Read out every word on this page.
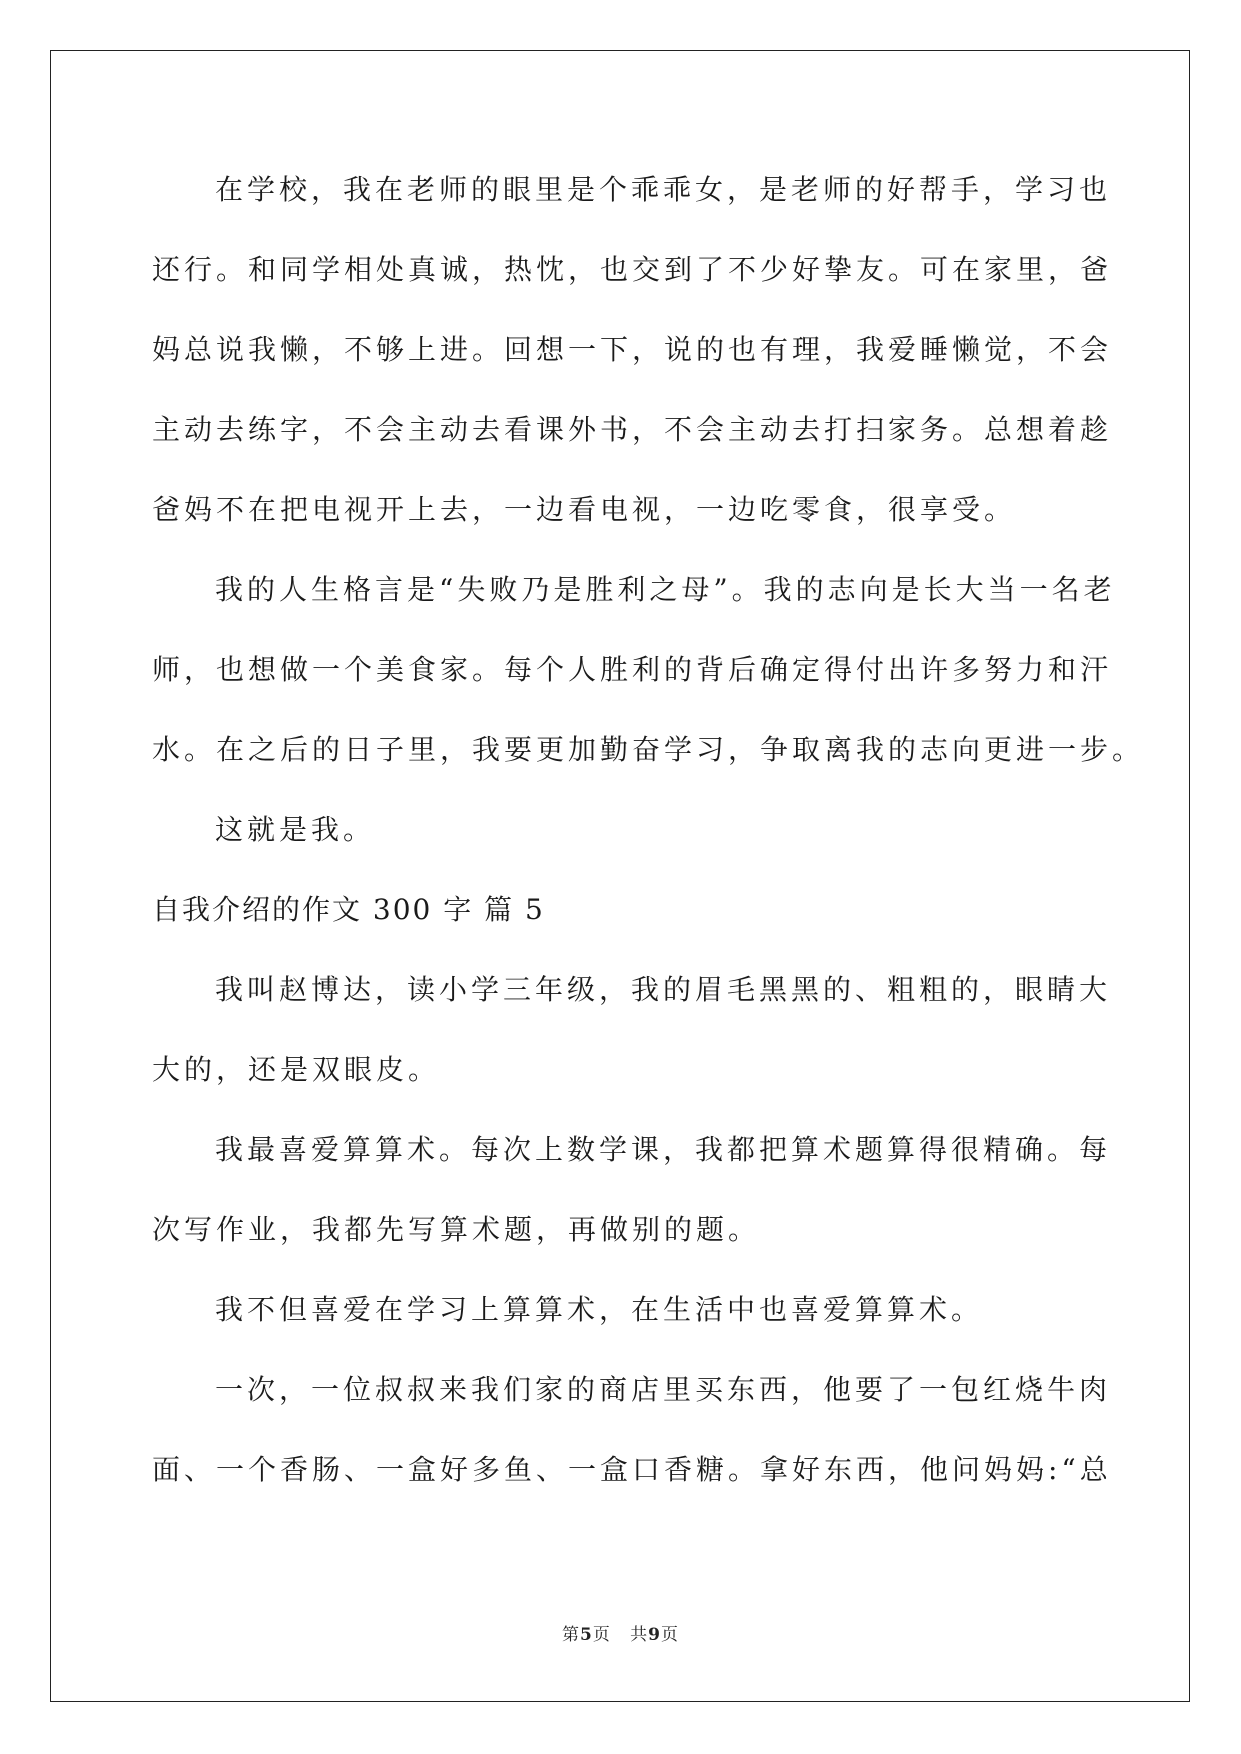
在学校，我在老师的眼里是个乖乖女，是老师的好帮手，学习也
还行。和同学相处真诚，热忱，也交到了不少好挚友。可在家里，爸
妈总说我懒，不够上进。回想一下，说的也有理，我爱睡懒觉，不会
主动去练字，不会主动去看课外书，不会主动去打扫家务。总想着趁
爸妈不在把电视开上去，一边看电视，一边吃零食，很享受。
我的人生格言是“失败乃是胜利之母”。我的志向是长大当一名老
师，也想做一个美食家。每个人胜利的背后确定得付出许多努力和汗
水。在之后的日子里，我要更加勤奋学习，争取离我的志向更进一步。
这就是我。
自我介绍的作文 300 字 篇 5
我叫赵博达，读小学三年级，我的眉毛黑黑的、粗粗的，眼睛大
大的，还是双眼皮。
我最喜爱算算术。每次上数学课，我都把算术题算得很精确。每
次写作业，我都先写算术题，再做别的题。
我不但喜爱在学习上算算术，在生活中也喜爱算算术。
一次，一位叔叔来我们家的商店里买东西，他要了一包红烧牛肉
面、一个香肠、一盒好多鱼、一盒口香糖。拿好东西，他问妈妈:“总
第5页   共9页
